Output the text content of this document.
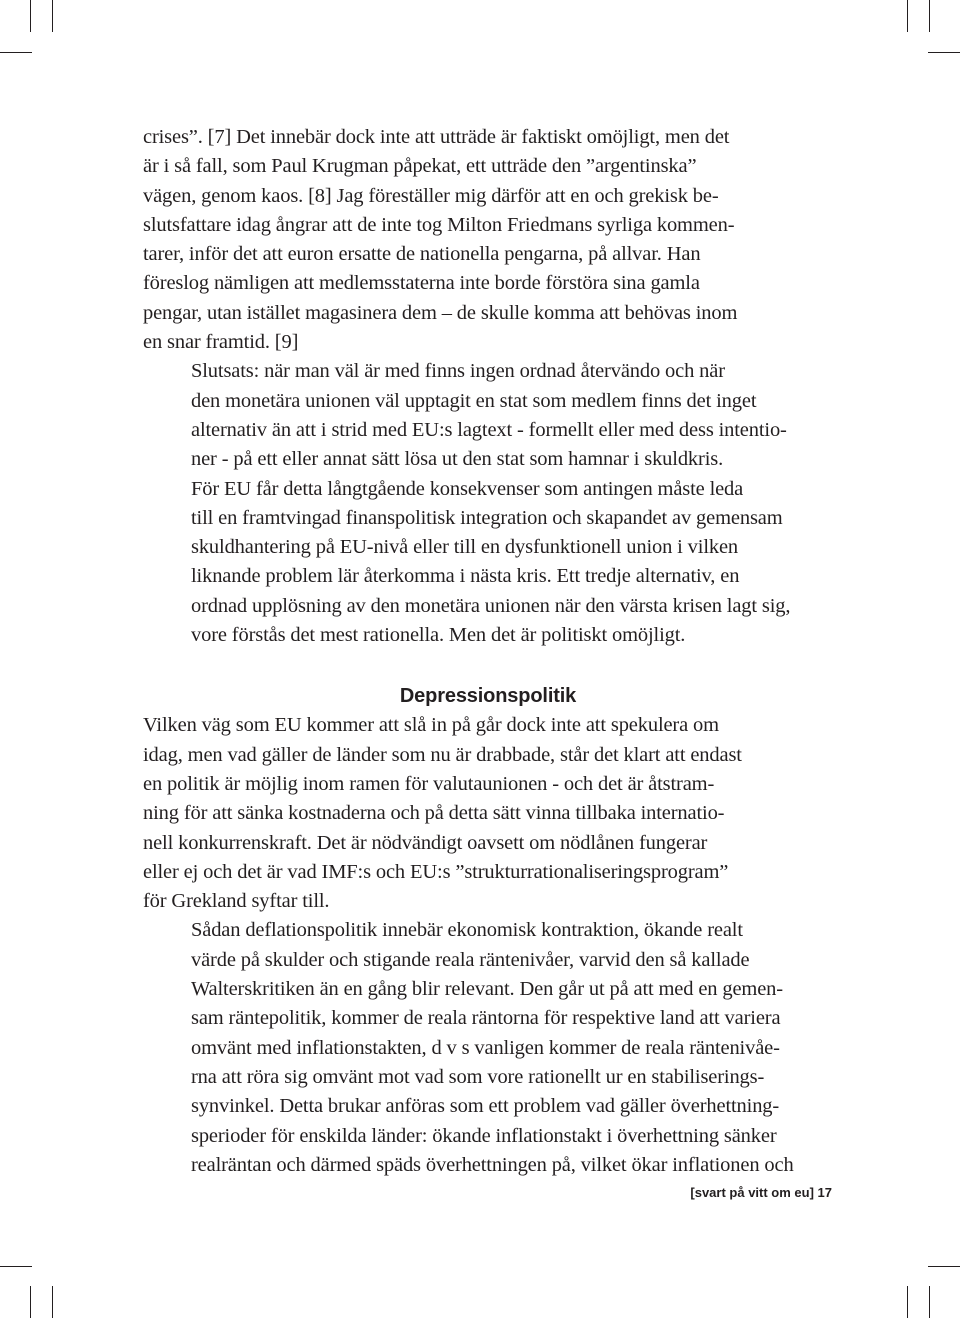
crises”. [7] Det innebär dock inte att utträde är faktiskt omöjligt, men det
är i så fall, som Paul Krugman påpekat, ett utträde den ”argentinska”
vägen, genom kaos. [8] Jag föreställer mig därför att en och grekisk be-
slutsfattare idag ångrar att de inte tog Milton Friedmans syrliga kommen-
tarer, inför det att euron ersatte de nationella pengarna, på allvar. Han
föreslog nämligen att medlemsstaterna inte borde förstöra sina gamla
pengar, utan istället magasinera dem – de skulle komma att behövas inom
en snar framtid. [9]

Slutsats: när man väl är med finns ingen ordnad återvändo och när
den monetära unionen väl upptagit en stat som medlem finns det inget
alternativ än att i strid med EU:s lagtext - formellt eller med dess intentio-
ner - på ett eller annat sätt lösa ut den stat som hamnar i skuldkris.

För EU får detta långtgående konsekvenser som antingen måste leda
till en framtvingad finanspolitisk integration och skapandet av gemensam
skuldhantering på EU-nivå eller till en dysfunktionell union i vilken
liknande problem lär återkomma i nästa kris. Ett tredje alternativ, en
ordnad upplösning av den monetära unionen när den värsta krisen lagt sig,
vore förstås det mest rationella. Men det är politiskt omöjligt.

Depressionspolitik

Vilken väg som EU kommer att slå in på går dock inte att spekulera om
idag, men vad gäller de länder som nu är drabbade, står det klart att endast
en politik är möjlig inom ramen för valutaunionen - och det är åtstram-
ning för att sänka kostnaderna och på detta sätt vinna tillbaka internatio-
nell konkurrenskraft. Det är nödvändigt oavsett om nödlånen fungerar
eller ej och det är vad IMF:s och EU:s ”strukturrationaliseringsprogram”
för Grekland syftar till.

Sådan deflationspolitik innebär ekonomisk kontraktion, ökande realt
värde på skulder och stigande reala räntenivåer, varvid den så kallade
Walterskritiken än en gång blir relevant. Den går ut på att med en gemen-
sam räntepolitik, kommer de reala räntorna för respektive land att variera
omvänt med inflationstakten, d v s vanligen kommer de reala räntenivåe-
rna att röra sig omvänt mot vad som vore rationellt ur en stabiliserings-
synvinkel. Detta brukar anföras som ett problem vad gäller överhettning-
sperioder för enskilda länder: ökande inflationstakt i överhettning sänker
realräntan och därmed späds överhettningen på, vilket ökar inflationen och

[svart på vitt om eu] 17
